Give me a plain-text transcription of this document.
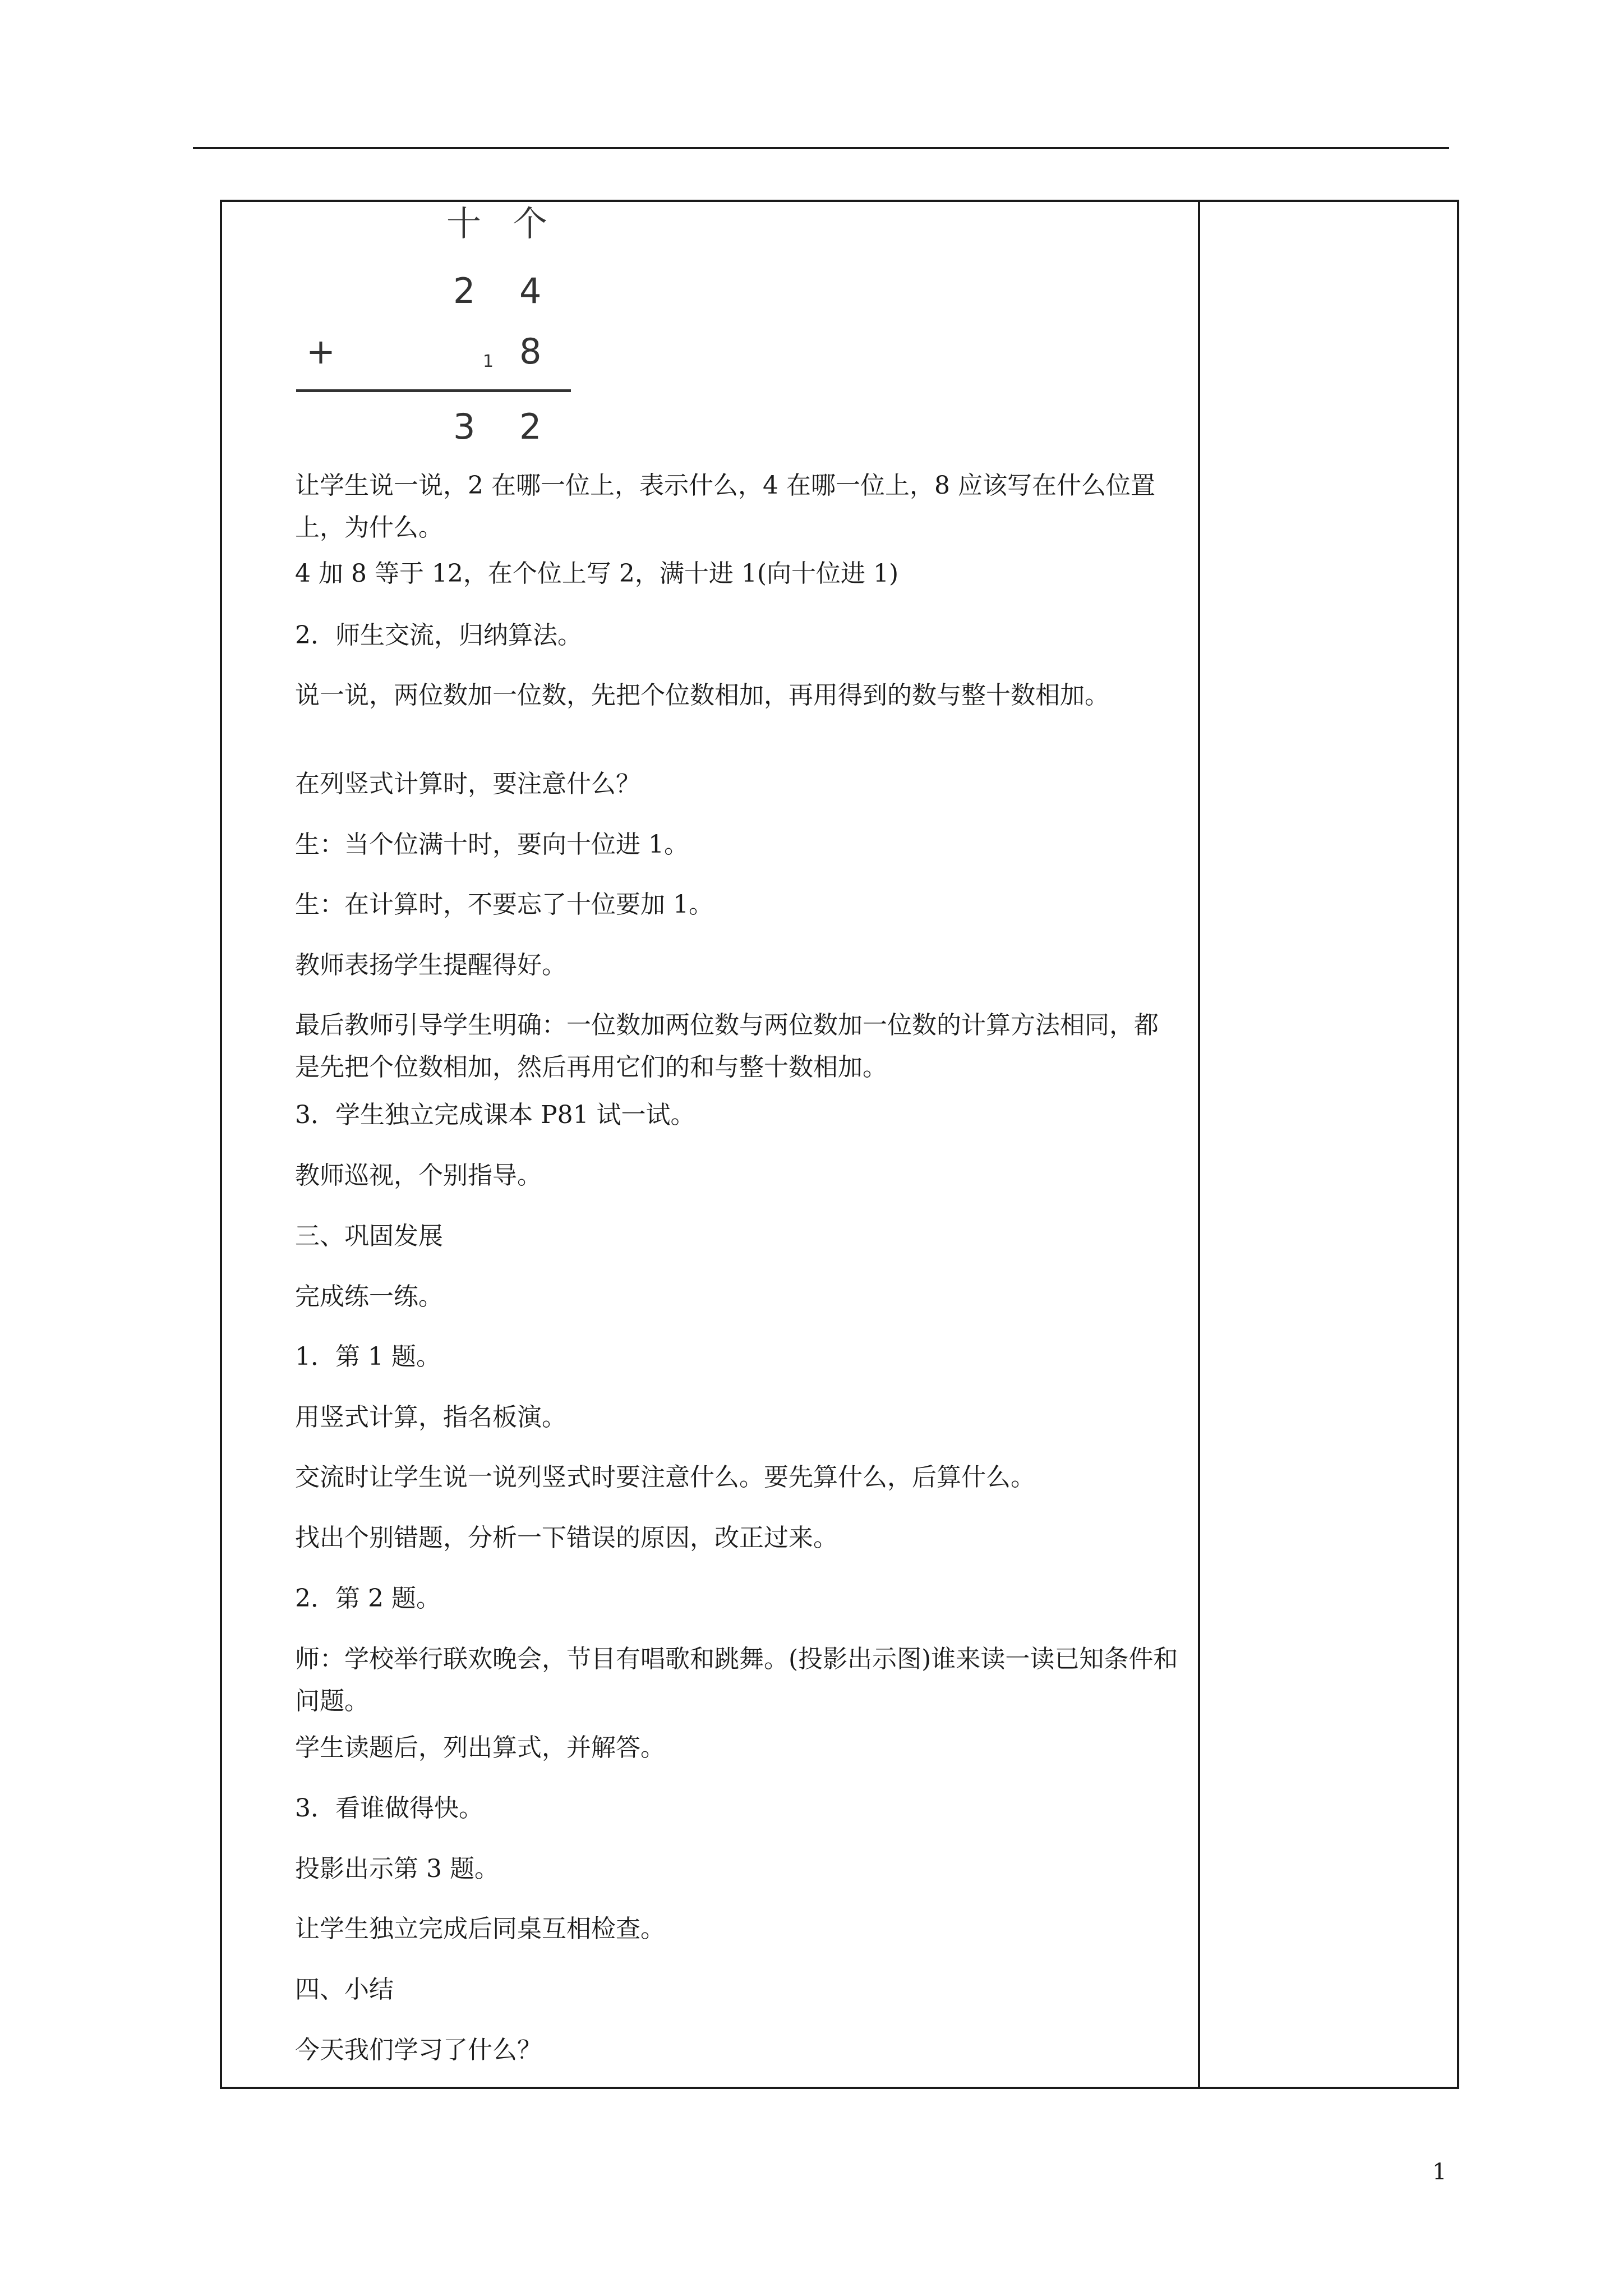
十 个
2 4
+	1 8
3 2

让学生说一说，2 在哪一位上，表示什么，4 在哪一位上，8 应该写在什么位置上，为什么。

4 加 8 等于 12，在个位上写 2，满十进 1(向十位进 1)

2．师生交流，归纳算法。

说一说，两位数加一位数，先把个位数相加，再用得到的数与整十数相加。

在列竖式计算时，要注意什么？

生：当个位满十时，要向十位进 1。

生：在计算时，不要忘了十位要加 1。

教师表扬学生提醒得好。

最后教师引导学生明确：一位数加两位数与两位数加一位数的计算方法相同，都是先把个位数相加，然后再用它们的和与整十数相加。

3．学生独立完成课本 P81 试一试。

教师巡视，个别指导。

三、巩固发展

完成练一练。

1．第 1 题。

用竖式计算，指名板演。

交流时让学生说一说列竖式时要注意什么。要先算什么，后算什么。

找出个别错题，分析一下错误的原因，改正过来。

2．第 2 题。

师：学校举行联欢晚会，节目有唱歌和跳舞。(投影出示图)谁来读一读已知条件和问题。

学生读题后，列出算式，并解答。

3．看谁做得快。

投影出示第 3 题。

让学生独立完成后同桌互相检查。

四、小结

今天我们学习了什么？

1
